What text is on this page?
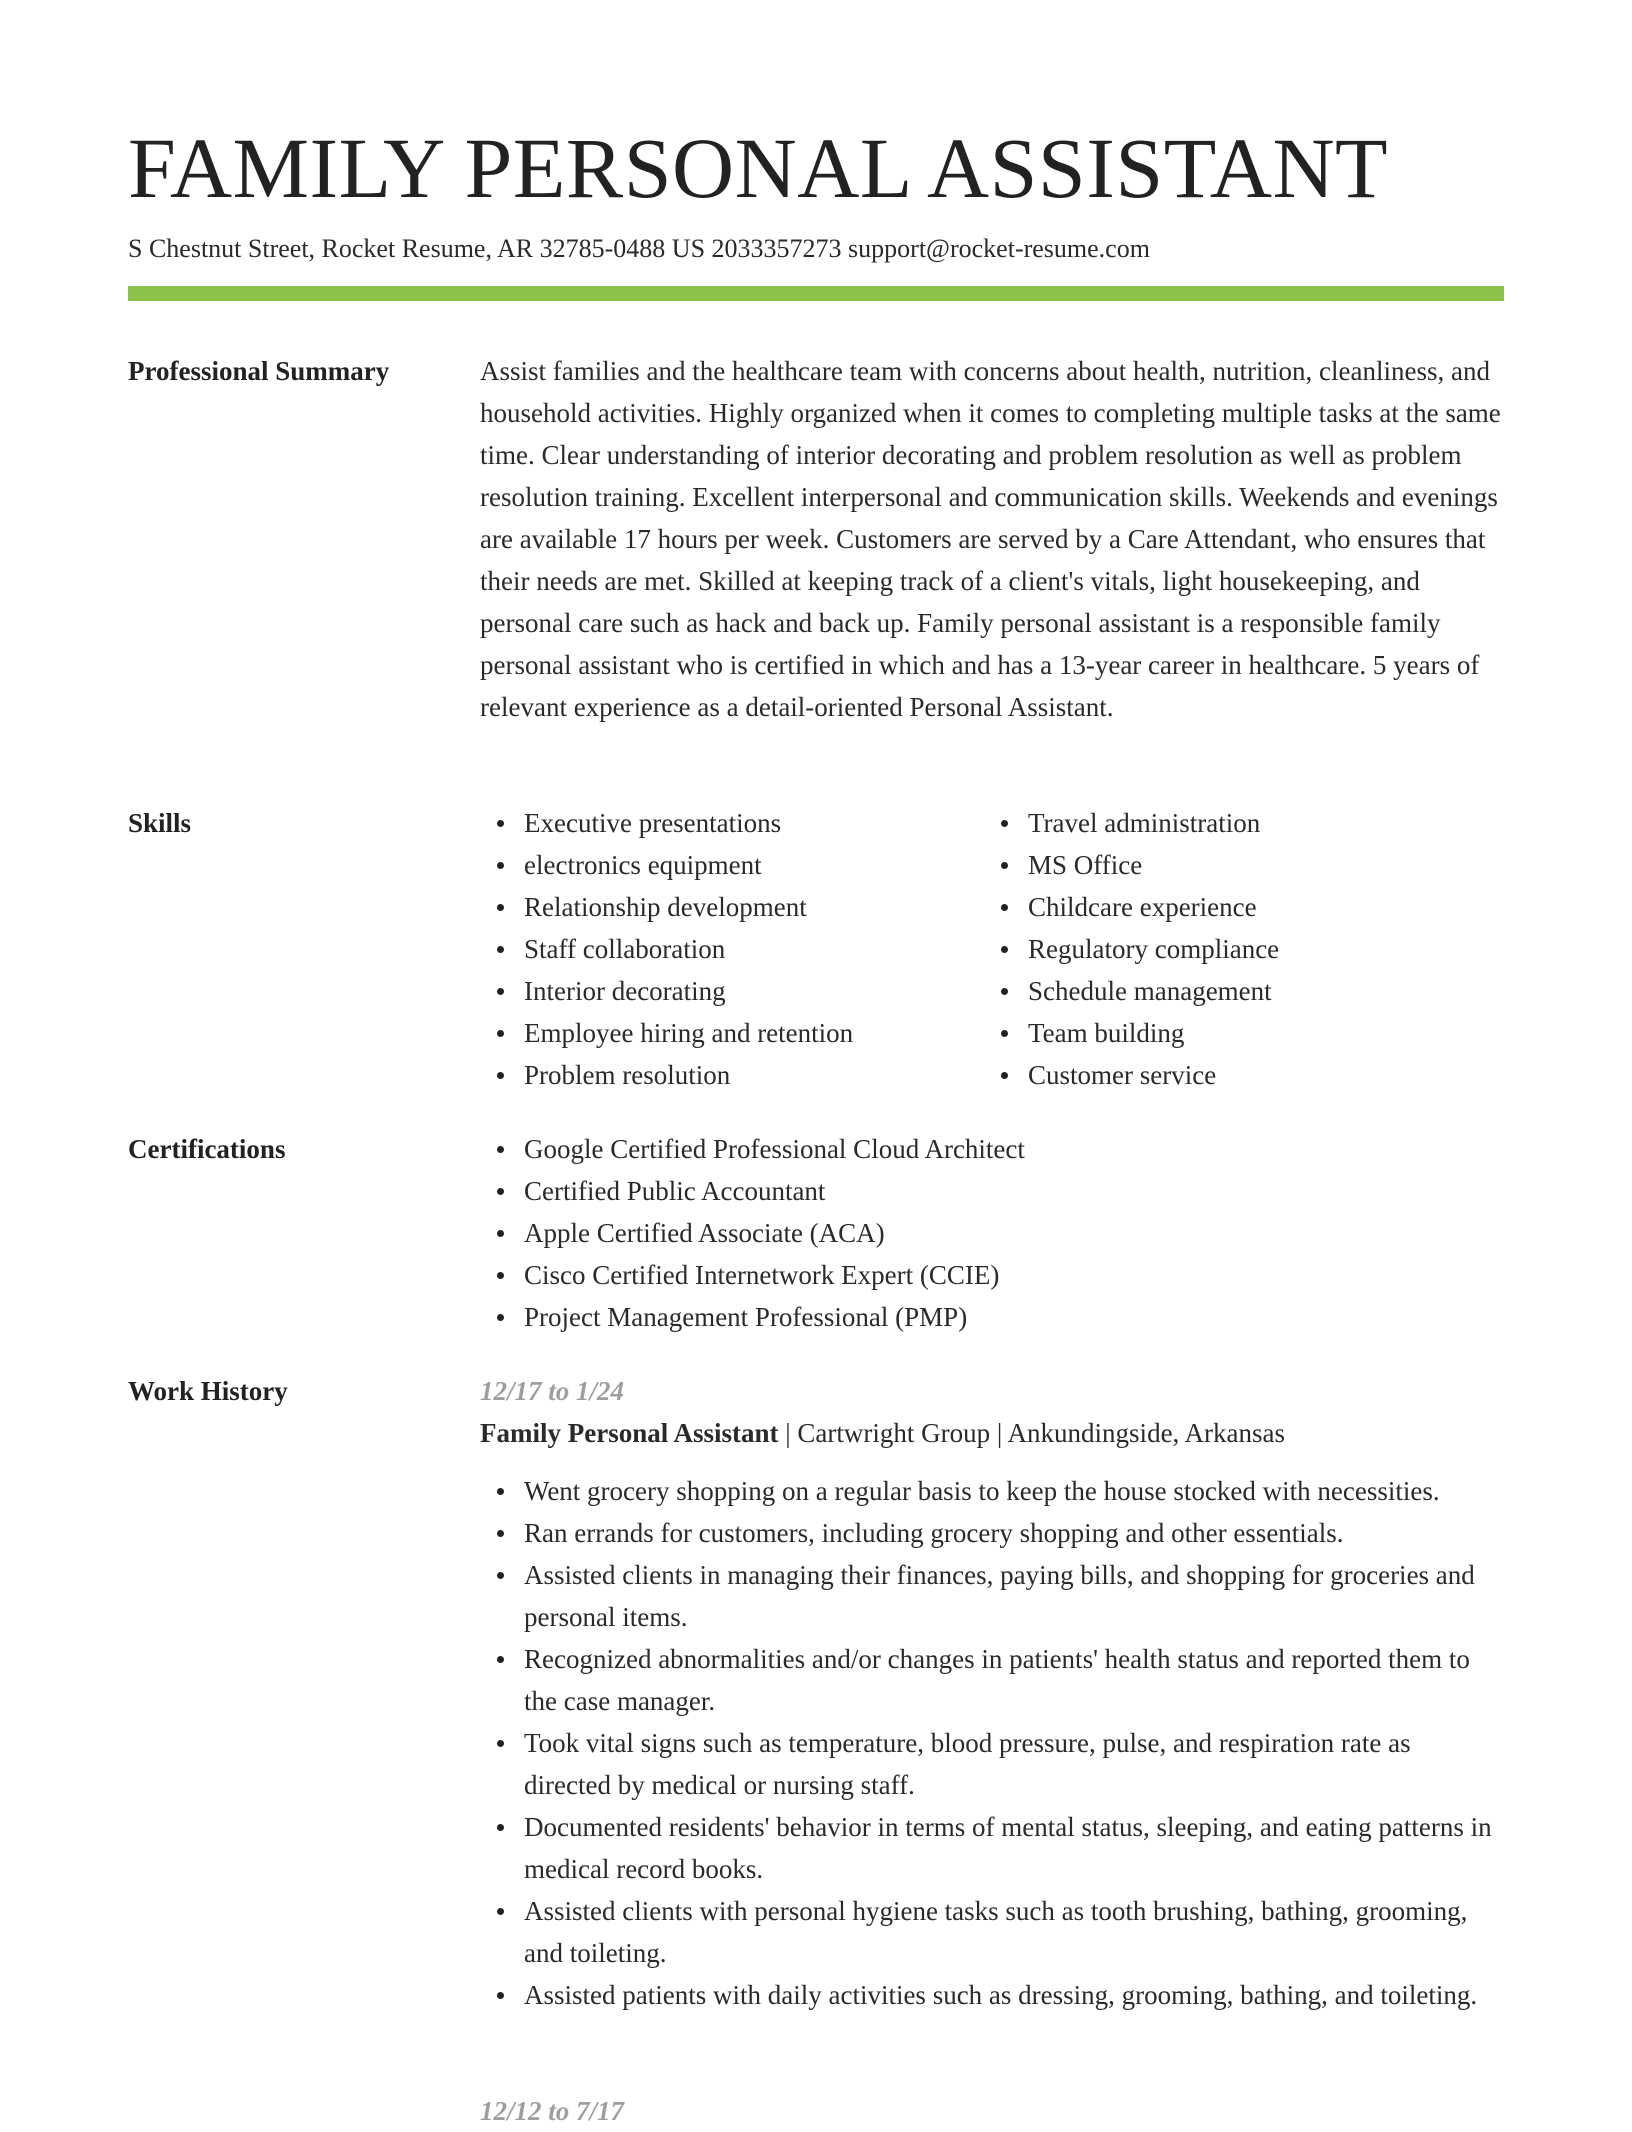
FAMILY PERSONAL ASSISTANT
S Chestnut Street, Rocket Resume, AR 32785-0488 US 2033357273 support@rocket-resume.com
Professional Summary	Assist families and the healthcare team with concerns about health, nutrition, cleanliness, and household activities. Highly organized when it comes to completing multiple tasks at the same time. Clear understanding of interior decorating and problem resolution as well as problem resolution training. Excellent interpersonal and communication skills. Weekends and evenings are available 17 hours per week. Customers are served by a Care Attendant, who ensures that their needs are met. Skilled at keeping track of a client's vitals, light housekeeping, and personal care such as hack and back up. Family personal assistant is a responsible family personal assistant who is certified in which and has a 13-year career in healthcare. 5 years of relevant experience as a detail-oriented Personal Assistant.

Skills	Executive presentations
electronics equipment
Relationship development
Staff collaboration
Interior decorating
Employee hiring and retention
Problem resolution
Travel administration
MS Office
Childcare experience
Regulatory compliance
Schedule management
Team building
Customer service
Certifications	Google Certified Professional Cloud Architect
Certified Public Accountant
Apple Certified Associate (ACA)
Cisco Certified Internetwork Expert (CCIE)
Project Management Professional (PMP)
Work History	12/17 to 1/24
Family Personal Assistant | Cartwright Group | Ankundingside, Arkansas
Went grocery shopping on a regular basis to keep the house stocked with necessities.
Ran errands for customers, including grocery shopping and other essentials.
Assisted clients in managing their finances, paying bills, and shopping for groceries and personal items.
Recognized abnormalities and/or changes in patients' health status and reported them to the case manager.
Took vital signs such as temperature, blood pressure, pulse, and respiration rate as directed by medical or nursing staff.
Documented residents' behavior in terms of mental status, sleeping, and eating patterns in medical record books.
Assisted clients with personal hygiene tasks such as tooth brushing, bathing, grooming, and toileting.
Assisted patients with daily activities such as dressing, grooming, bathing, and toileting.
12/12 to 7/17
